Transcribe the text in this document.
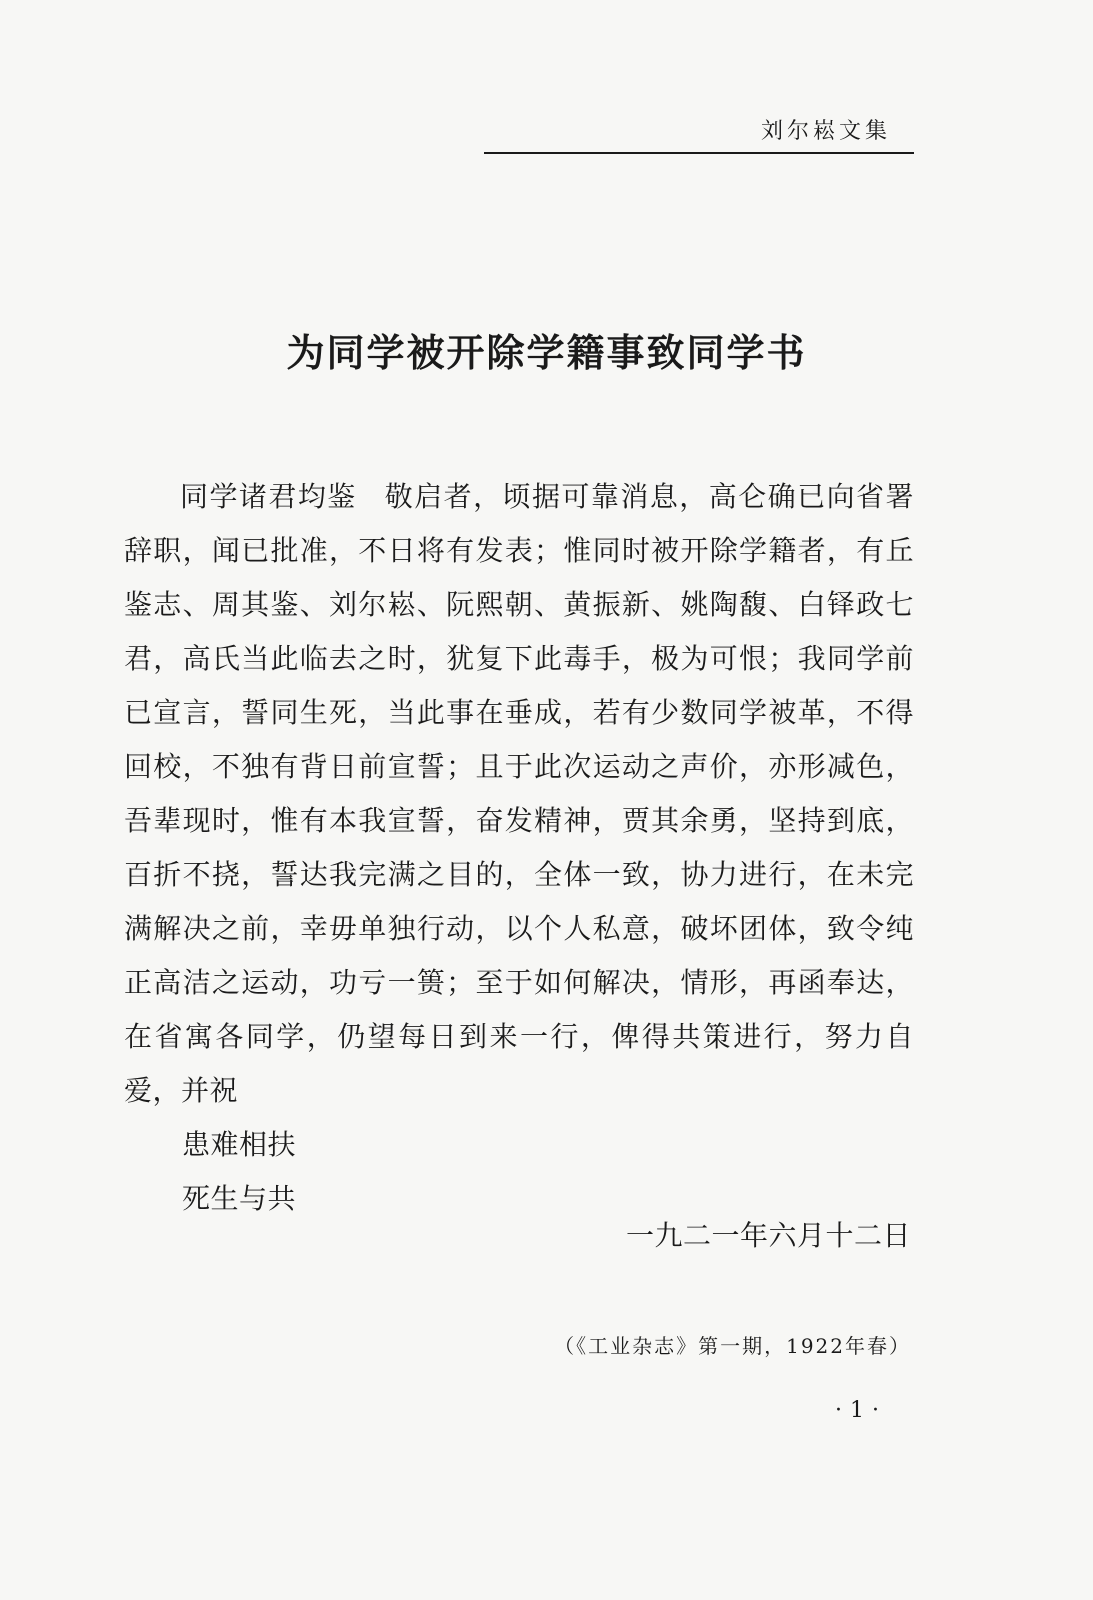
刘尔崧文集
为同学被开除学籍事致同学书

同学诸君均鉴 敬启者，顷据可靠消息，高仑确已向省署辞职，闻已批准，不日将有发表；惟同时被开除学籍者，有丘鉴志、周其鉴、刘尔崧、阮熙朝、黄振新、姚陶馥、白铎政七君，高氏当此临去之时，犹复下此毒手，极为可恨；我同学前已宣言，誓同生死，当此事在垂成，若有少数同学被革，不得回校，不独有背日前宣誓；且于此次运动之声价，亦形减色，吾辈现时，惟有本我宣誓，奋发精神，贾其余勇，坚持到底，百折不挠，誓达我完满之目的，全体一致，协力进行，在未完满解决之前，幸毋单独行动，以个人私意，破坏团体，致令纯正高洁之运动，功亏一篑；至于如何解决，情形，再函奉达，在省寓各同学，仍望每日到来一行，俾得共策进行，努力自爱，并祝

患难相扶

死生与共

一九二一年六月十二日
（《工业杂志》第一期，1922年春）
·1·
